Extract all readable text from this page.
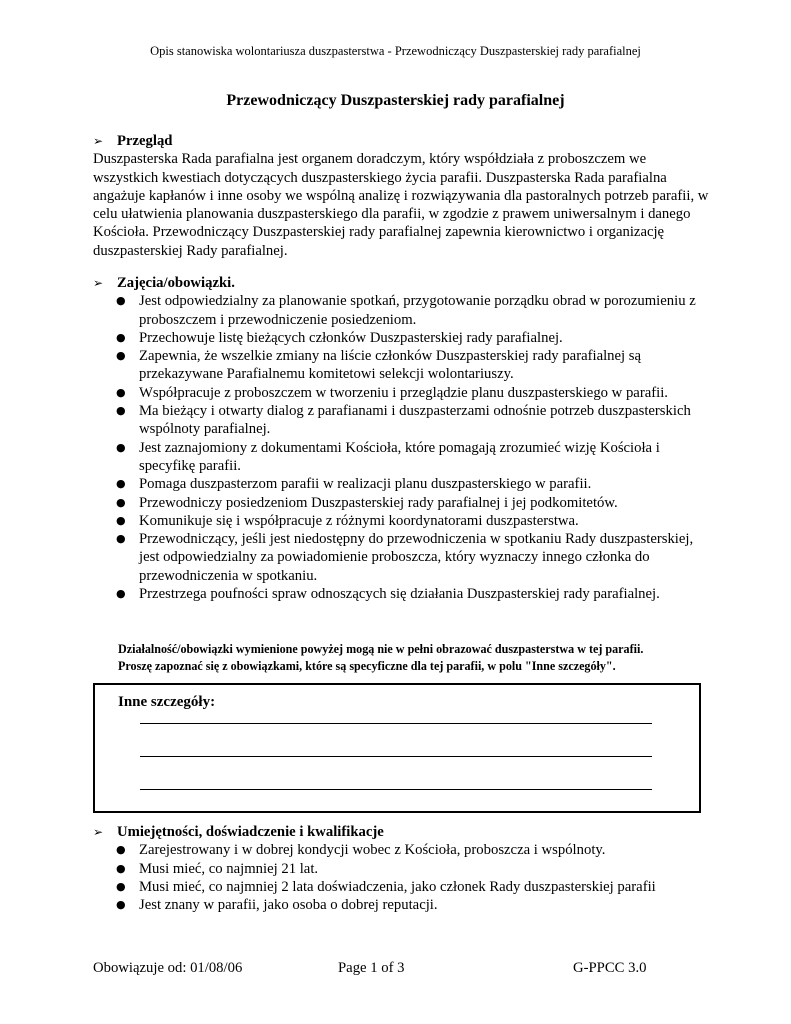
Opis stanowiska wolontariusza duszpasterstwa - Przewodniczący Duszpasterskiej rady parafialnej
Przewodniczący Duszpasterskiej rady parafialnej
➢ Przegląd

Duszpasterska Rada parafialna jest organem doradczym, który współdziała z proboszczem we wszystkich kwestiach dotyczących duszpasterskiego życia parafii. Duszpasterska Rada parafialna angażuje kapłanów i inne osoby we wspólną analizę i rozwiązywania dla pastoralnych potrzeb parafii, w celu ułatwienia planowania duszpasterskiego dla parafii, w zgodzie z prawem uniwersalnym i danego Kościoła. Przewodniczący Duszpasterskiej rady parafialnej zapewnia kierownictwo i organizację duszpasterskiej Rady parafialnej.

➢ Zajęcia/obowiązki.
● Jest odpowiedzialny za planowanie spotkań, przygotowanie porządku obrad w porozumieniu z proboszczem i przewodniczenie posiedzeniom.
● Przechowuje listę bieżących członków Duszpasterskiej rady parafialnej.
● Zapewnia, że wszelkie zmiany na liście członków Duszpasterskiej rady parafialnej są przekazywane Parafialnemu komitetowi selekcji wolontariuszy.
● Współpracuje z proboszczem w tworzeniu i przeglądzie planu duszpasterskiego w parafii.
● Ma bieżący i otwarty dialog z parafianami i duszpasterzami odnośnie potrzeb duszpasterskich wspólnoty parafialnej.
● Jest zaznajomiony z dokumentami Kościoła, które pomagają zrozumieć wizję Kościoła i specyfikę parafii.
● Pomaga duszpasterzom parafii w realizacji planu duszpasterskiego w parafii.
● Przewodniczy posiedzeniom Duszpasterskiej rady parafialnej i jej podkomitetów.
● Komunikuje się i współpracuje z różnymi koordynatorami duszpasterstwa.
● Przewodniczący, jeśli jest niedostępny do przewodniczenia w spotkaniu Rady duszpasterskiej, jest odpowiedzialny za powiadomienie proboszcza, który wyznaczy innego członka do przewodniczenia w spotkaniu.
● Przestrzega poufności spraw odnoszących się działania Duszpasterskiej rady parafialnej.
Działalność/obowiązki wymienione powyżej mogą nie w pełni obrazować duszpasterstwa w tej parafii.
Proszę zapoznać się z obowiązkami, które są specyficzne dla tej parafii, w polu "Inne szczegóły".
Inne szczegóły:
➢ Umiejętności, doświadczenie i kwalifikacje
● Zarejestrowany i w dobrej kondycji wobec z Kościoła, proboszcza i wspólnoty.
● Musi mieć, co najmniej 21 lat.
● Musi mieć, co najmniej 2 lata doświadczenia, jako członek Rady duszpasterskiej parafii
● Jest znany w parafii, jako osoba o dobrej reputacji.
Obowiązuje od: 01/08/06	Page 1 of 3	G-PPCC 3.0
